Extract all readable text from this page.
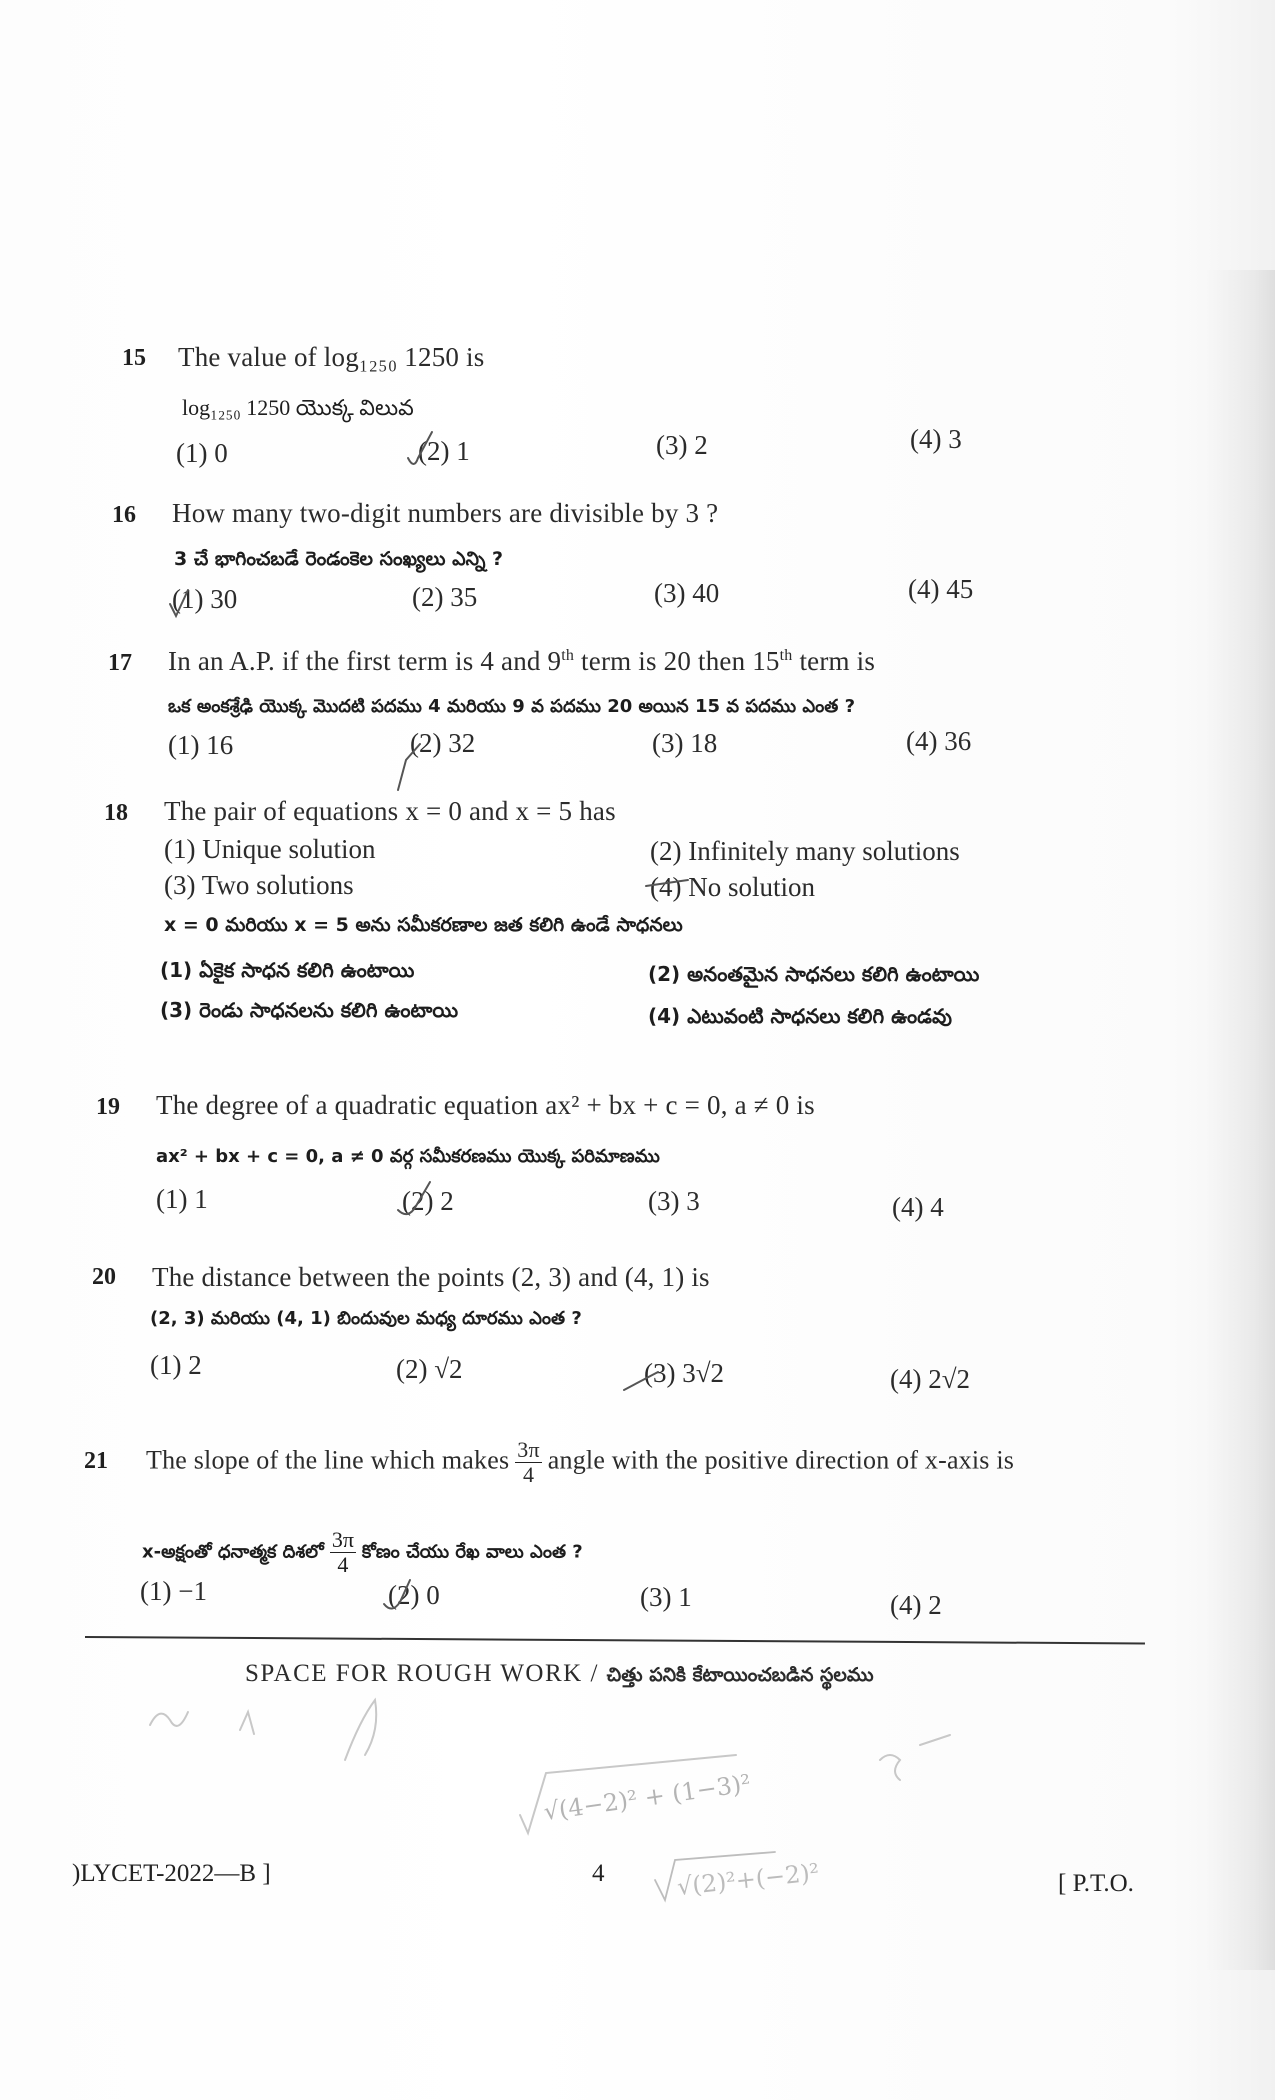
15 The value of log₁₂₅₀ 1250 is
log₁₂₅₀ 1250 యొక్క విలువ
(1) 0	(2) 1	(3) 2	(4) 3
16 How many two-digit numbers are divisible by 3 ?
3 చే భాగించబడే రెండంకెల సంఖ్యలు ఎన్ని ?
(1) 30	(2) 35	(3) 40	(4) 45
17 In an A.P. if the first term is 4 and 9th term is 20 then 15th term is
ఒక అంకశ్రేఢి యొక్క మొదటి పదము 4 మరియు 9 వ పదము 20 అయిన 15 వ పదము ఎంత ?
(1) 16	(2) 32	(3) 18	(4) 36
18 The pair of equations x = 0 and x = 5 has
(1) Unique solution	(2) Infinitely many solutions
(3) Two solutions	(4) No solution
x = 0 మరియు x = 5 అను సమీకరణాల జత కలిగి ఉండే సాధనలు
(1) ఏకైక సాధన కలిగి ఉంటాయి	(2) అనంతమైన సాధనలు కలిగి ఉంటాయి
(3) రెండు సాధనలను కలిగి ఉంటాయి	(4) ఎటువంటి సాధనలు కలిగి ఉండవు
19 The degree of a quadratic equation ax² + bx + c = 0, a ≠ 0 is
ax² + bx + c = 0, a ≠ 0 వర్గ సమీకరణము యొక్క పరిమాణము
(1) 1	(2) 2	(3) 3	(4) 4
20 The distance between the points (2, 3) and (4, 1) is
(2, 3) మరియు (4, 1) బిందువుల మధ్య దూరము ఎంత ?
(1) 2	(2) √2	(3) 3√2	(4) 2√2
21 The slope of the line which makes $\frac{3\pi}{4}$ angle with the positive direction of x-axis is
x-అక్షంతో ధనాత్మక దిశలో $\frac{3\pi}{4}$ కోణం చేయు రేఖ వాలు ఎంత ?
(1) −1	(2) 0	(3) 1	(4) 2
SPACE FOR ROUGH WORK / చిత్తు పనికి కేటాయించబడిన స్థలము
√(4−2)² + (1−3)²
√(2)²+(−2)²
)LYCET-2022—B ]	4	[ P.T.O.
